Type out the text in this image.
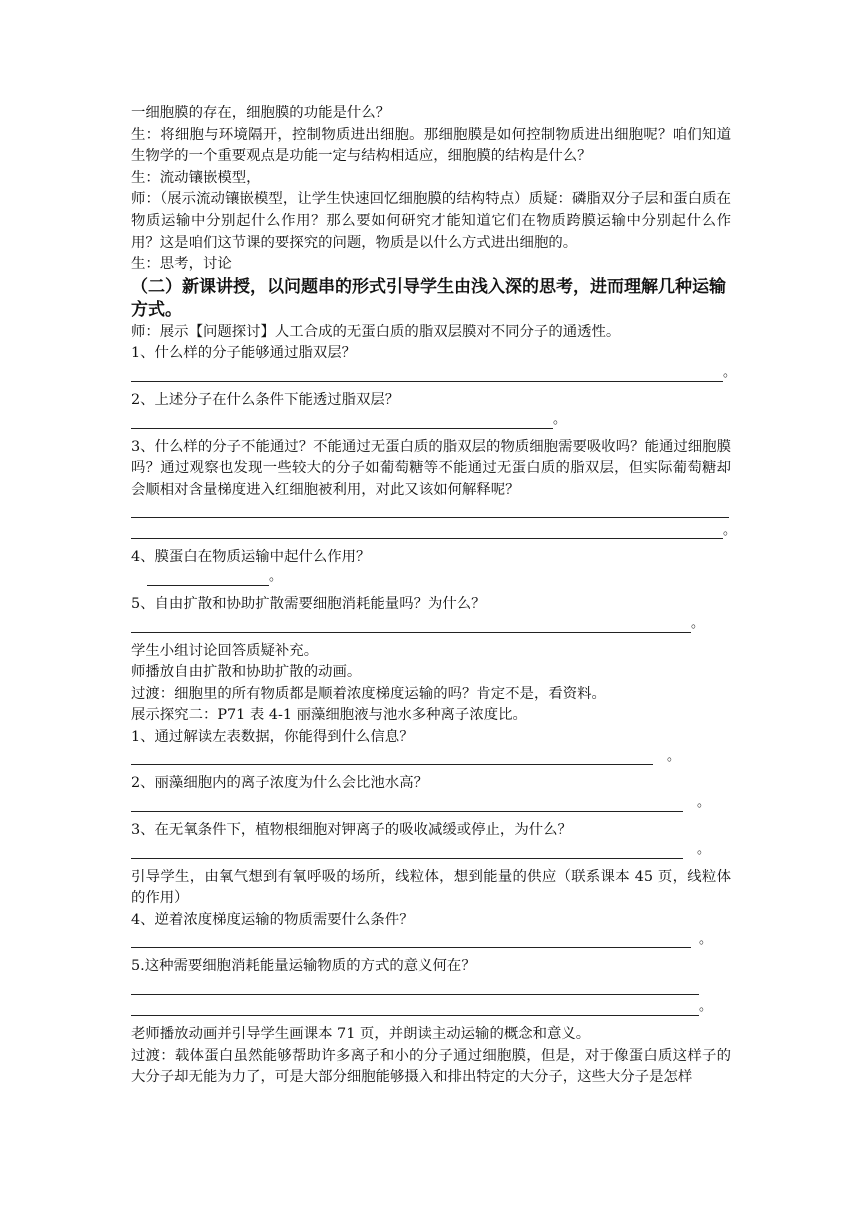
一细胞膜的存在，细胞膜的功能是什么？

生：将细胞与环境隔开，控制物质进出细胞。那细胞膜是如何控制物质进出细胞呢？咱们知道生物学的一个重要观点是功能一定与结构相适应，细胞膜的结构是什么？

生：流动镶嵌模型，

师：（展示流动镶嵌模型，让学生快速回忆细胞膜的结构特点）质疑：磷脂双分子层和蛋白质在物质运输中分别起什么作用？那么要如何研究才能知道它们在物质跨膜运输中分别起什么作用？这是咱们这节课的要探究的问题，物质是以什么方式进出细胞的。

生：思考，讨论

（二）新课讲授，以问题串的形式引导学生由浅入深的思考，进而理解几种运输方式。

师：展示【问题探讨】人工合成的无蛋白质的脂双层膜对不同分子的通透性。

1、什么样的分子能够通过脂双层？

。

2、上述分子在什么条件下能透过脂双层？

。

3、什么样的分子不能通过？不能通过无蛋白质的脂双层的物质细胞需要吸收吗？能通过细胞膜吗？通过观察也发现一些较大的分子如葡萄糖等不能通过无蛋白质的脂双层，但实际葡萄糖却会顺相对含量梯度进入红细胞被利用，对此又该如何解释呢？

。

4、膜蛋白在物质运输中起什么作用？

。

5、自由扩散和协助扩散需要细胞消耗能量吗？为什么？

。

学生小组讨论回答质疑补充。

师播放自由扩散和协助扩散的动画。

过渡：细胞里的所有物质都是顺着浓度梯度运输的吗？肯定不是，看资料。

展示探究二：P71 表 4-1 丽藻细胞液与池水多种离子浓度比。

1、通过解读左表数据，你能得到什么信息？

。

2、丽藻细胞内的离子浓度为什么会比池水高？

。

3、在无氧条件下，植物根细胞对钾离子的吸收减缓或停止，为什么？

。

引导学生，由氧气想到有氧呼吸的场所，线粒体，想到能量的供应（联系课本 45 页，线粒体的作用）

4、逆着浓度梯度运输的物质需要什么条件？

。

5.这种需要细胞消耗能量运输物质的方式的意义何在？

。

老师播放动画并引导学生画课本 71 页，并朗读主动运输的概念和意义。

过渡：载体蛋白虽然能够帮助许多离子和小的分子通过细胞膜，但是，对于像蛋白质这样子的大分子却无能为力了，可是大部分细胞能够摄入和排出特定的大分子，这些大分子是怎样
